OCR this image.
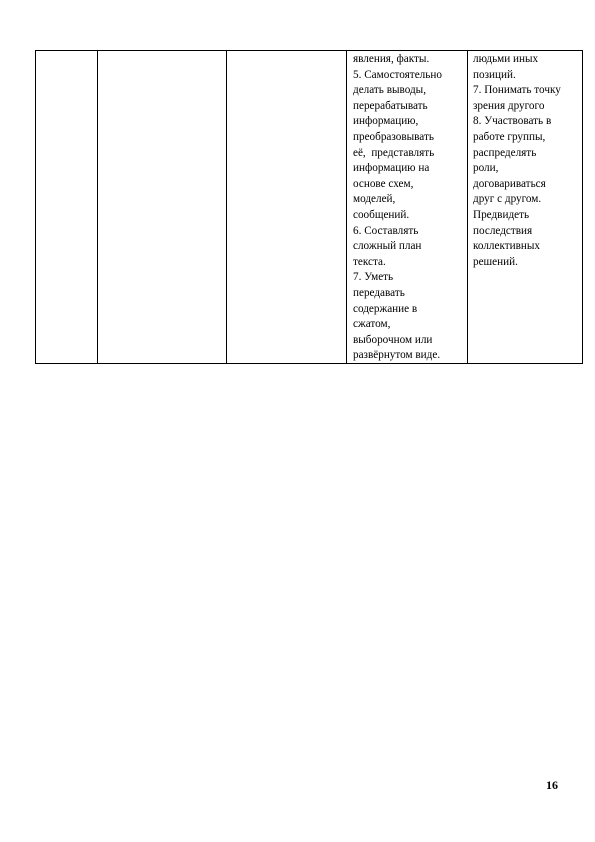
явления, факты.
5. Самостоятельно
делать выводы,
перерабатывать
информацию,
преобразовывать
её,  представлять
информацию на
основе схем,
моделей,
сообщений.
6. Составлять
сложный план
текста.
7. Уметь
передавать
содержание в
сжатом,
выборочном или
развёрнутом виде.
людьми иных
позиций.
7. Понимать точку
зрения другого
8. Участвовать в
работе группы,
распределять
роли,
договариваться
друг с другом.
Предвидеть
последствия
коллективных
решений.
16
